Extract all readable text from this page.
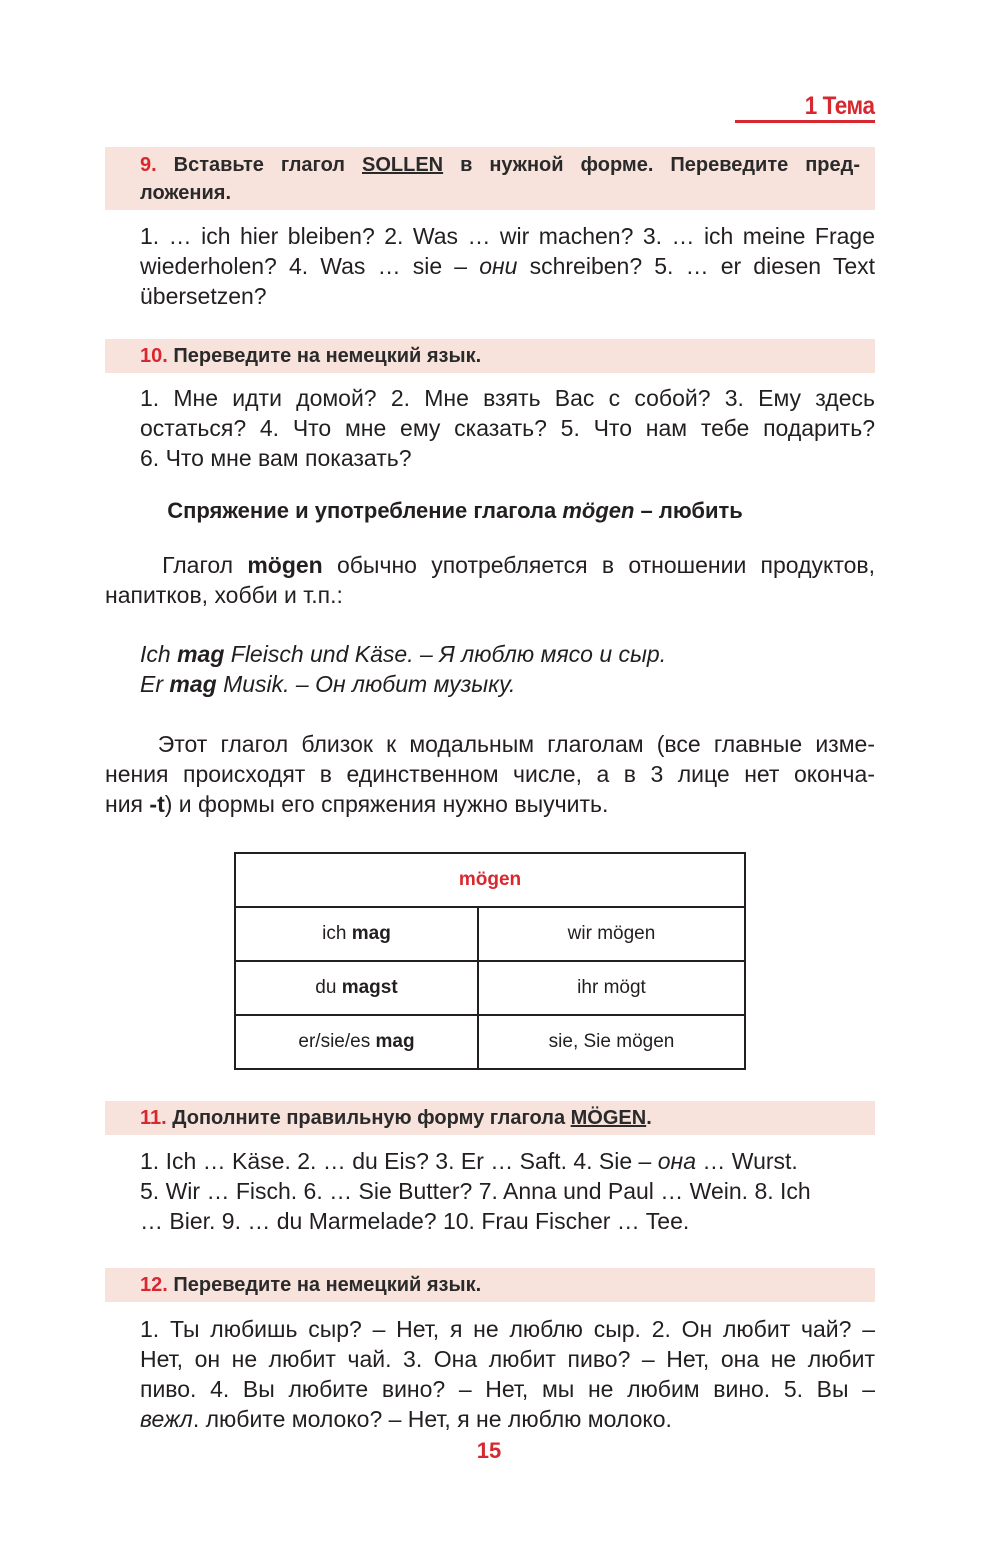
1 Тема
9. Вставьте глагол SOLLEN в нужной форме. Переведите пред-
ложения.
1. … ich hier bleiben? 2. Was … wir machen? 3. … ich meine Frage
wiederholen? 4. Was … sie – они schreiben? 5. … er diesen Text
übersetzen?
10. Переведите на немецкий язык.
1. Мне идти домой? 2. Мне взять Вас с собой? 3. Ему здесь
остаться? 4. Что мне ему сказать? 5. Что нам тебе подарить?
6. Что мне вам показать?
Спряжение и употребление глагола mögen – любить
Глагол mögen обычно употребляется в отношении продуктов,
напитков, хобби и т.п.:
Ich mag Fleisch und Käse. – Я люблю мясо и сыр.
Er mag Musik. – Он любит музыку.
Этот глагол близок к модальным глаголам (все главные изме-
нения происходят в единственном числе, а в 3 лице нет оконча-
ния -t) и формы его спряжения нужно выучить.
mögen	
ich mag	wir mögen
du magst	ihr mögt
er/sie/es mag	sie, Sie mögen
11. Дополните правильную форму глагола MÖGEN.
1. Ich … Käse. 2. … du Eis? 3. Er … Saft. 4. Sie – она … Wurst.
5. Wir … Fisch. 6. … Sie Butter? 7. Anna und Paul … Wein. 8. Ich
… Bier. 9. … du Marmelade? 10. Frau Fischer … Tee.
12. Переведите на немецкий язык.
1. Ты любишь сыр? – Нет, я не люблю сыр. 2. Он любит чай? –
Нет, он не любит чай. 3. Она любит пиво? – Нет, она не любит
пиво. 4. Вы любите вино? – Нет, мы не любим вино. 5. Вы –
вежл. любите молоко? – Нет, я не люблю молоко.
15
